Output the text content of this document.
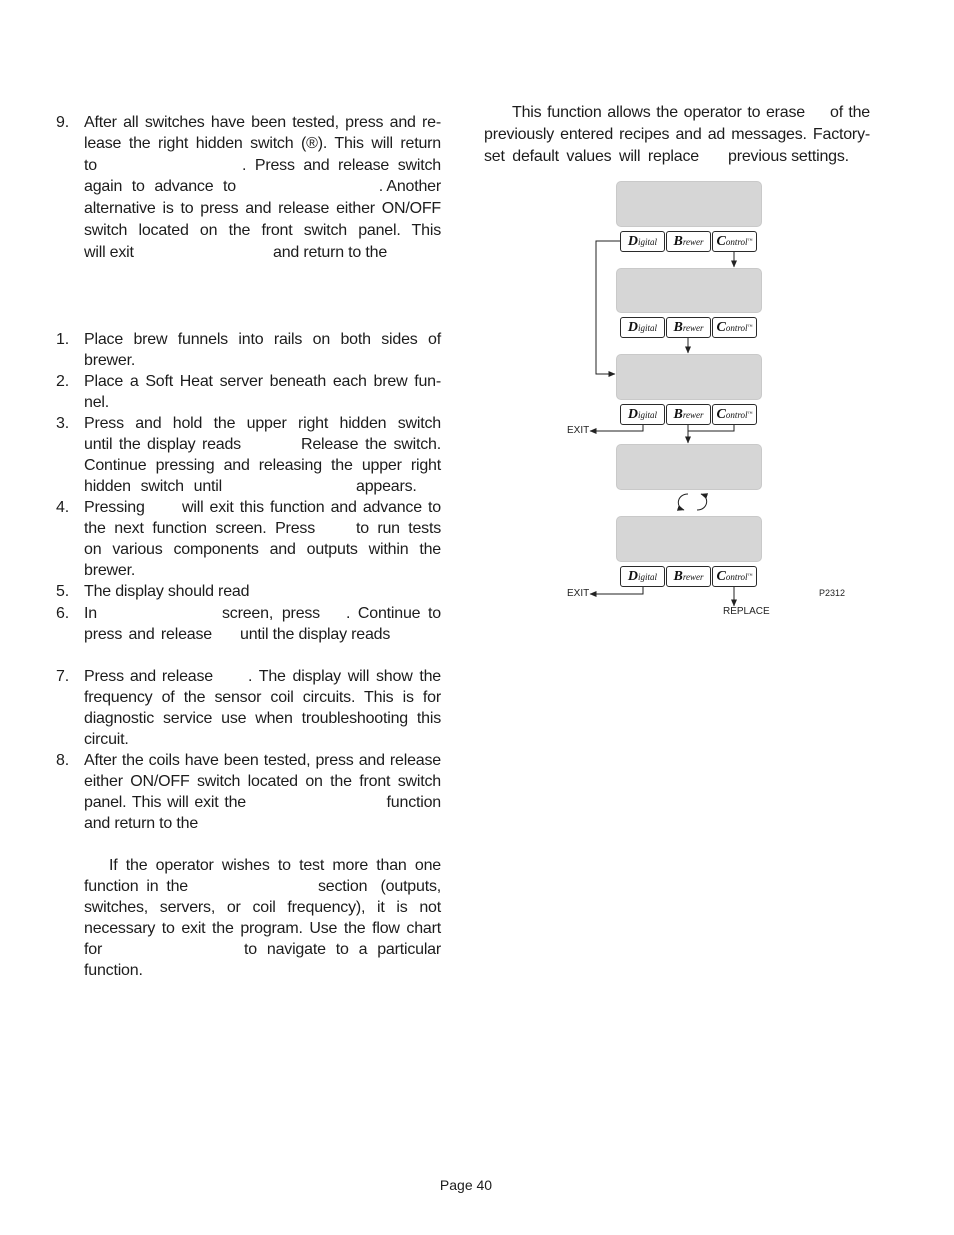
9. After all switches have been tested, press and re-
lease the right hidden switch (®). This will return
to	. Press and release switch
again to advance to	. Another
alternative is to press and release either ON/OFF
switch located on the front switch panel. This
will exit	and return to the
1. Place brew funnels into rails on both sides of
brewer.
2. Place a Soft Heat server beneath each brew fun-
nel.
3. Press and hold the upper right hidden switch
until the display reads	Release the switch.
Continue pressing and releasing the upper right
hidden switch until	appears.
4. Pressing will exit this function and advance to
the next function screen. Press	to run tests
on various components and outputs within the
brewer.
5. The display should read
6. In	screen, press . Continue to
press and release until the display reads
7. Press and release . The display will show the
frequency of the sensor coil circuits. This is for
diagnostic service use when troubleshooting this
circuit.
8. After the coils have been tested, press and release
either ON/OFF switch located on the front switch
panel. This will exit the	function
and return to the
If the operator wishes to test more than one
function in the	section (outputs,
switches, servers, or coil frequency), it is not
necessary to exit the program. Use the flow chart
for	to navigate to a particular
function.
This function allows the operator to erase of the
previously entered recipes and ad messages. Factory-
set default values will replace previous settings.
Digital Brewer Control ™
Digital Brewer Control ™
Digital Brewer Control ™
EXIT
Digital Brewer Control ™
EXIT
REPLACE
P2312
Page 40
